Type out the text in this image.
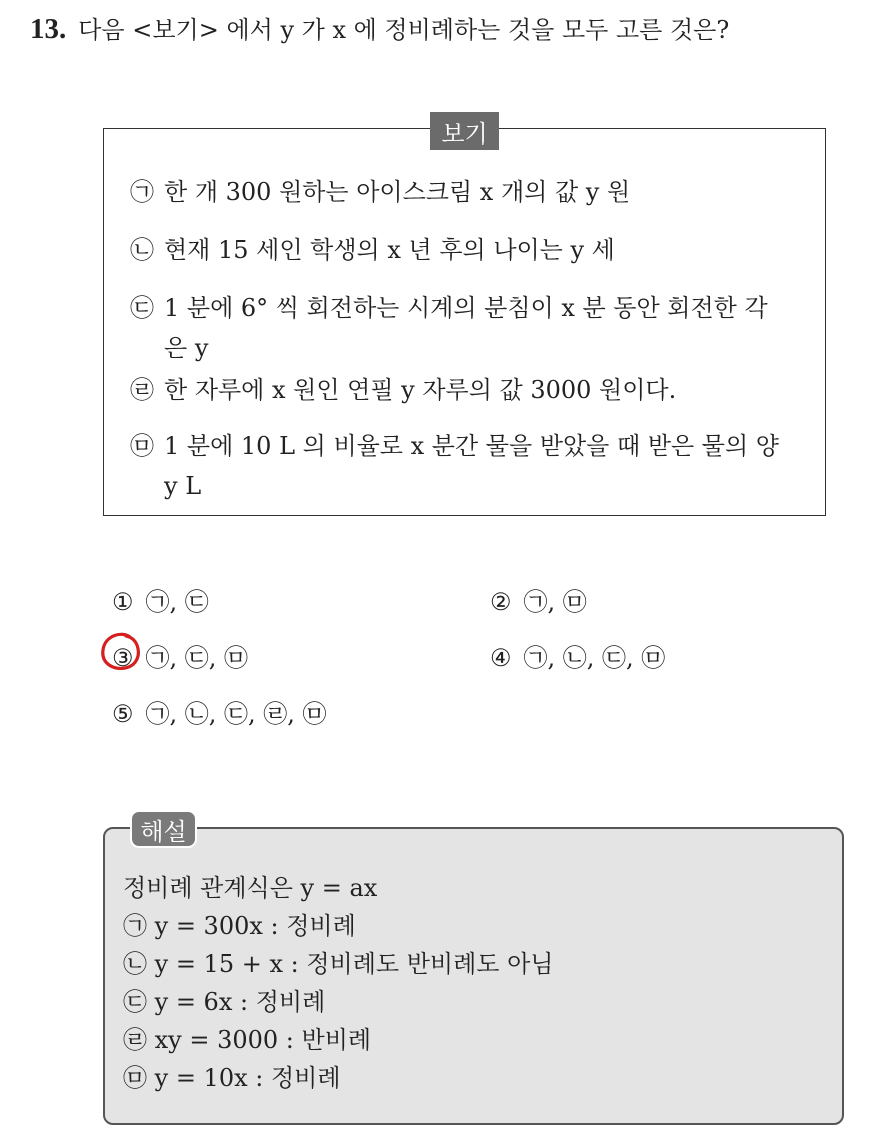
13. 다음 <보기> 에서 y 가 x 에 정비례하는 것을 모두 고른 것은?
보기
㉠ 한 개 300 원하는 아이스크림 x 개의 값 y 원
㉡ 현재 15 세인 학생의 x 년 후의 나이는 y 세
㉢ 1 분에 6° 씩 회전하는 시계의 분침이 x 분 동안 회전한 각은 y
㉣ 한 자루에 x 원인 연필 y 자루의 값 3000 원이다.
㉤ 1 분에 10 L 의 비율로 x 분간 물을 받았을 때 받은 물의 양 y L
① ㉠, ㉢	② ㉠, ㉤
③ ㉠, ㉢, ㉤	④ ㉠, ㉡, ㉢, ㉤
⑤ ㉠, ㉡, ㉢, ㉣, ㉤
해설
정비례 관계식은 y = ax
㉠ y = 300x : 정비례
㉡ y = 15 + x : 정비례도 반비례도 아님
㉢ y = 6x : 정비례
㉣ xy = 3000 : 반비례
㉤ y = 10x : 정비례
